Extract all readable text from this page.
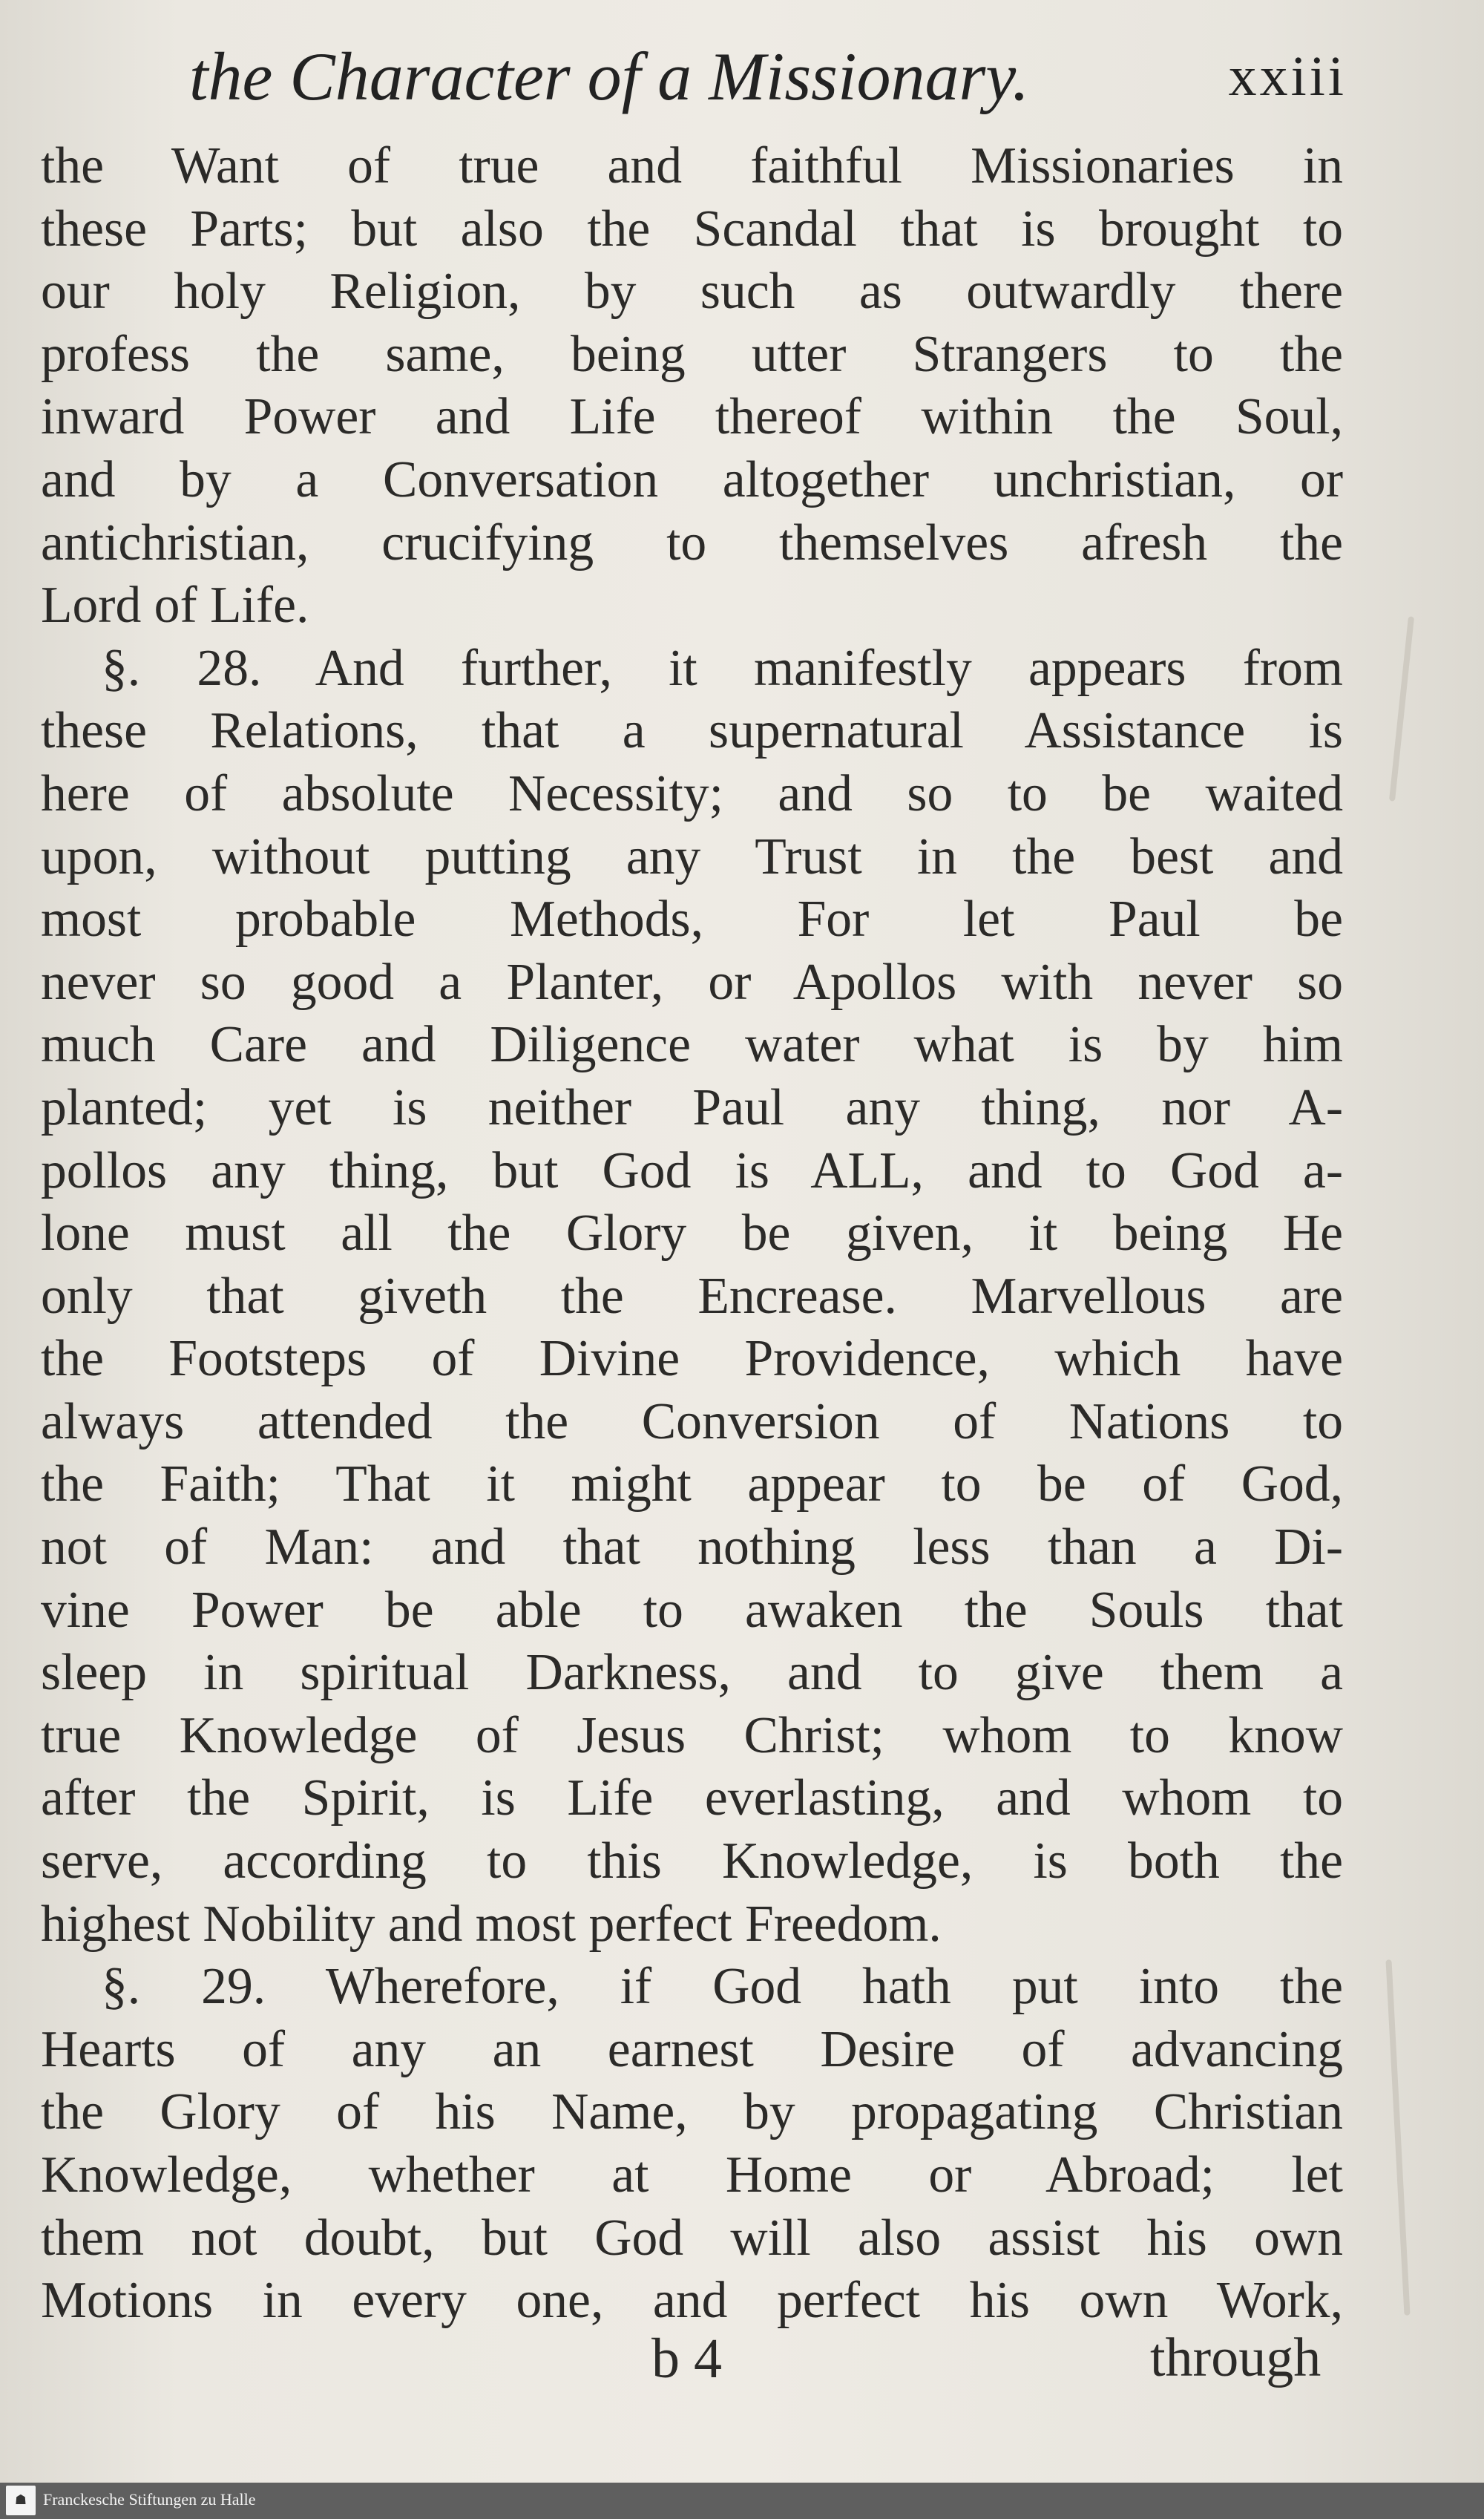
the Character of a Missionary.	xxiii
the Want of true and faithful Missionaries in
these Parts; but also the Scandal that is brought to
our holy Religion, by such as outwardly there
profess the same, being utter Strangers to the
inward Power and Life thereof within the Soul,
and by a Conversation altogether unchristian, or
antichristian, crucifying to themselves afresh the
Lord of Life.
§. 28. And further, it manifestly appears from
these Relations, that a supernatural Assistance is
here of absolute Necessity; and so to be waited
upon, without putting any Trust in the best and
most probable Methods, For let Paul be
never so good a Planter, or Apollos with never so
much Care and Diligence water what is by him
planted; yet is neither Paul any thing, nor A-
pollos any thing, but God is ALL, and to God a-
lone must all the Glory be given, it being He
only that giveth the Encrease. Marvellous are
the Footsteps of Divine Providence, which have
always attended the Conversion of Nations to
the Faith; That it might appear to be of God,
not of Man: and that nothing less than a Di-
vine Power be able to awaken the Souls that
sleep in spiritual Darkness, and to give them a
true Knowledge of Jesus Christ; whom to know
after the Spirit, is Life everlasting, and whom to
serve, according to this Knowledge, is both the
highest Nobility and most perfect Freedom.
§. 29. Wherefore, if God hath put into the
Hearts of any an earnest Desire of advancing
the Glory of his Name, by propagating Christian
Knowledge, whether at Home or Abroad; let
them not doubt, but God will also assist his own
Motions in every one, and perfect his own Work,
b 4	through
☗ Franckesche Stiftungen zu Halle
